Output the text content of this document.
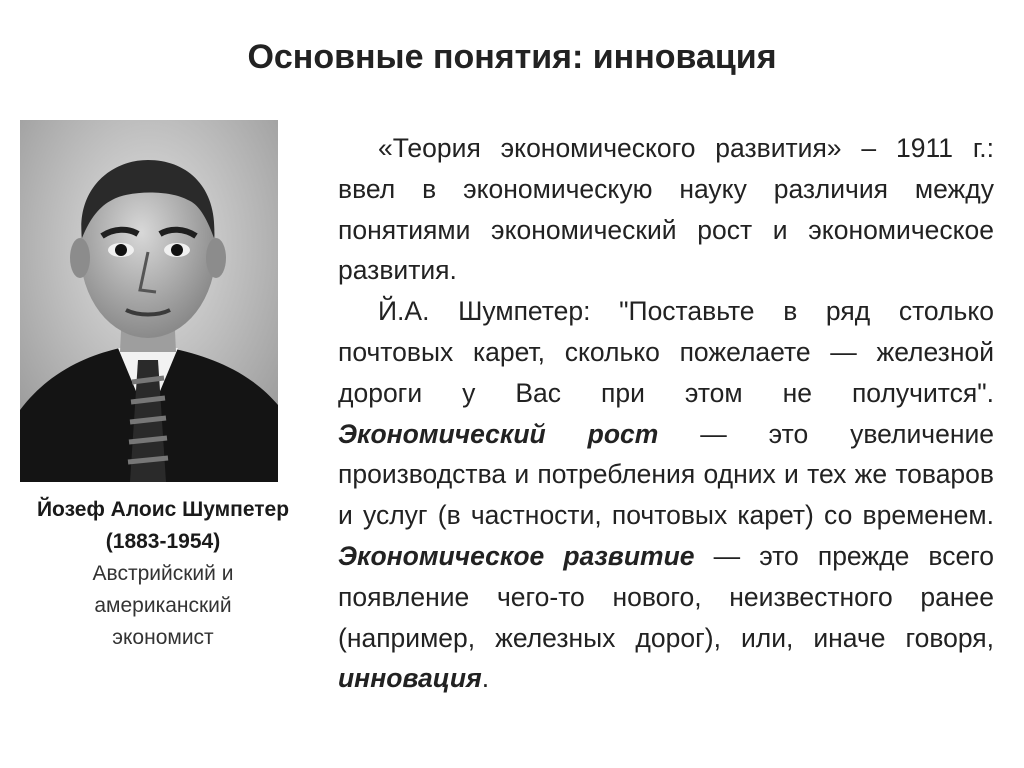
Основные понятия: инновация
Йозеф Алоис Шумпетер
(1883-1954)
Австрийский и
американский
экономист

«Теория экономического развития» – 1911 г.: ввел в экономическую науку различия между понятиями экономический рост и экономическое развития.

Й.А. Шумпетер: "Поставьте в ряд столько почтовых карет, сколько пожелаете — железной дороги у Вас при этом не получится". Экономический рост — это увеличение производства и потребления одних и тех же товаров и услуг (в частности, почтовых карет) со временем. Экономическое развитие — это прежде всего появление чего-то нового, неизвестного ранее (например, железных дорог), или, иначе говоря, инновация.
